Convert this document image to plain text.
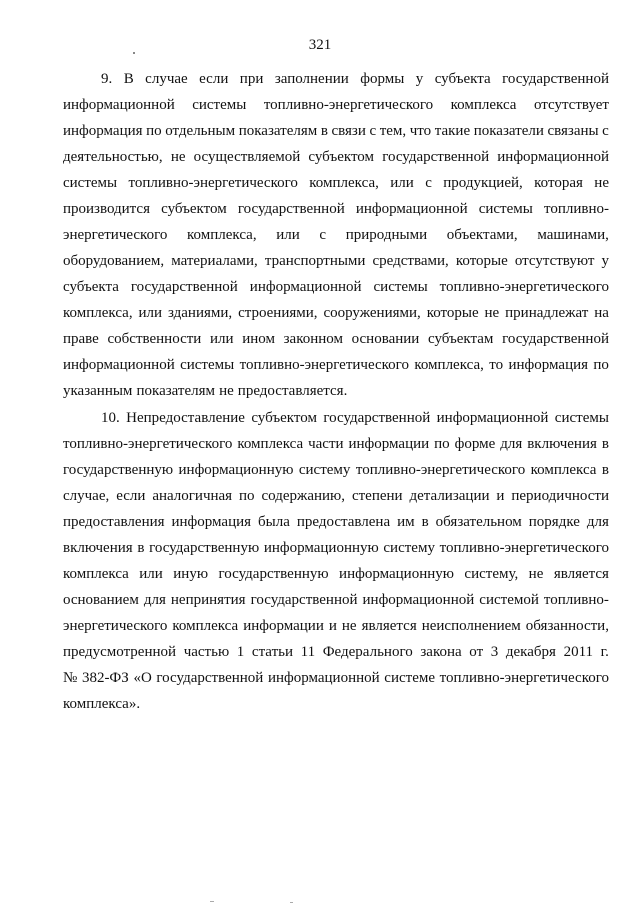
321
9. В случае если при заполнении формы у субъекта государственной
информационной системы топливно-энергетического комплекса отсутствует
информация по отдельным показателям в связи с тем, что такие показатели связаны с
деятельностью, не осуществляемой субъектом государственной информационной
системы топливно-энергетического комплекса, или с продукцией, которая не
производится субъектом государственной информационной системы топливно-
энергетического комплекса, или с природными объектами, машинами,
оборудованием, материалами, транспортными средствами, которые отсутствуют у
субъекта государственной информационной системы топливно-энергетического
комплекса, или зданиями, строениями, сооружениями, которые не принадлежат на
праве собственности или ином законном основании субъектам государственной
информационной системы топливно-энергетического комплекса, то информация по
указанным показателям не предоставляется.
10. Непредоставление субъектом государственной информационной системы
топливно-энергетического комплекса части информации по форме для включения в
государственную информационную систему топливно-энергетического комплекса в
случае, если аналогичная по содержанию, степени детализации и периодичности
предоставления информация была предоставлена им в обязательном порядке для
включения в государственную информационную систему топливно-энергетического
комплекса или иную государственную информационную систему, не является
основанием для непринятия государственной информационной системой топливно-
энергетического комплекса информации и не является неисполнением обязанности,
предусмотренной частью 1 статьи 11 Федерального закона от 3 декабря 2011 г.
№ 382-ФЗ «О государственной информационной системе топливно-энергетического
комплекса».
